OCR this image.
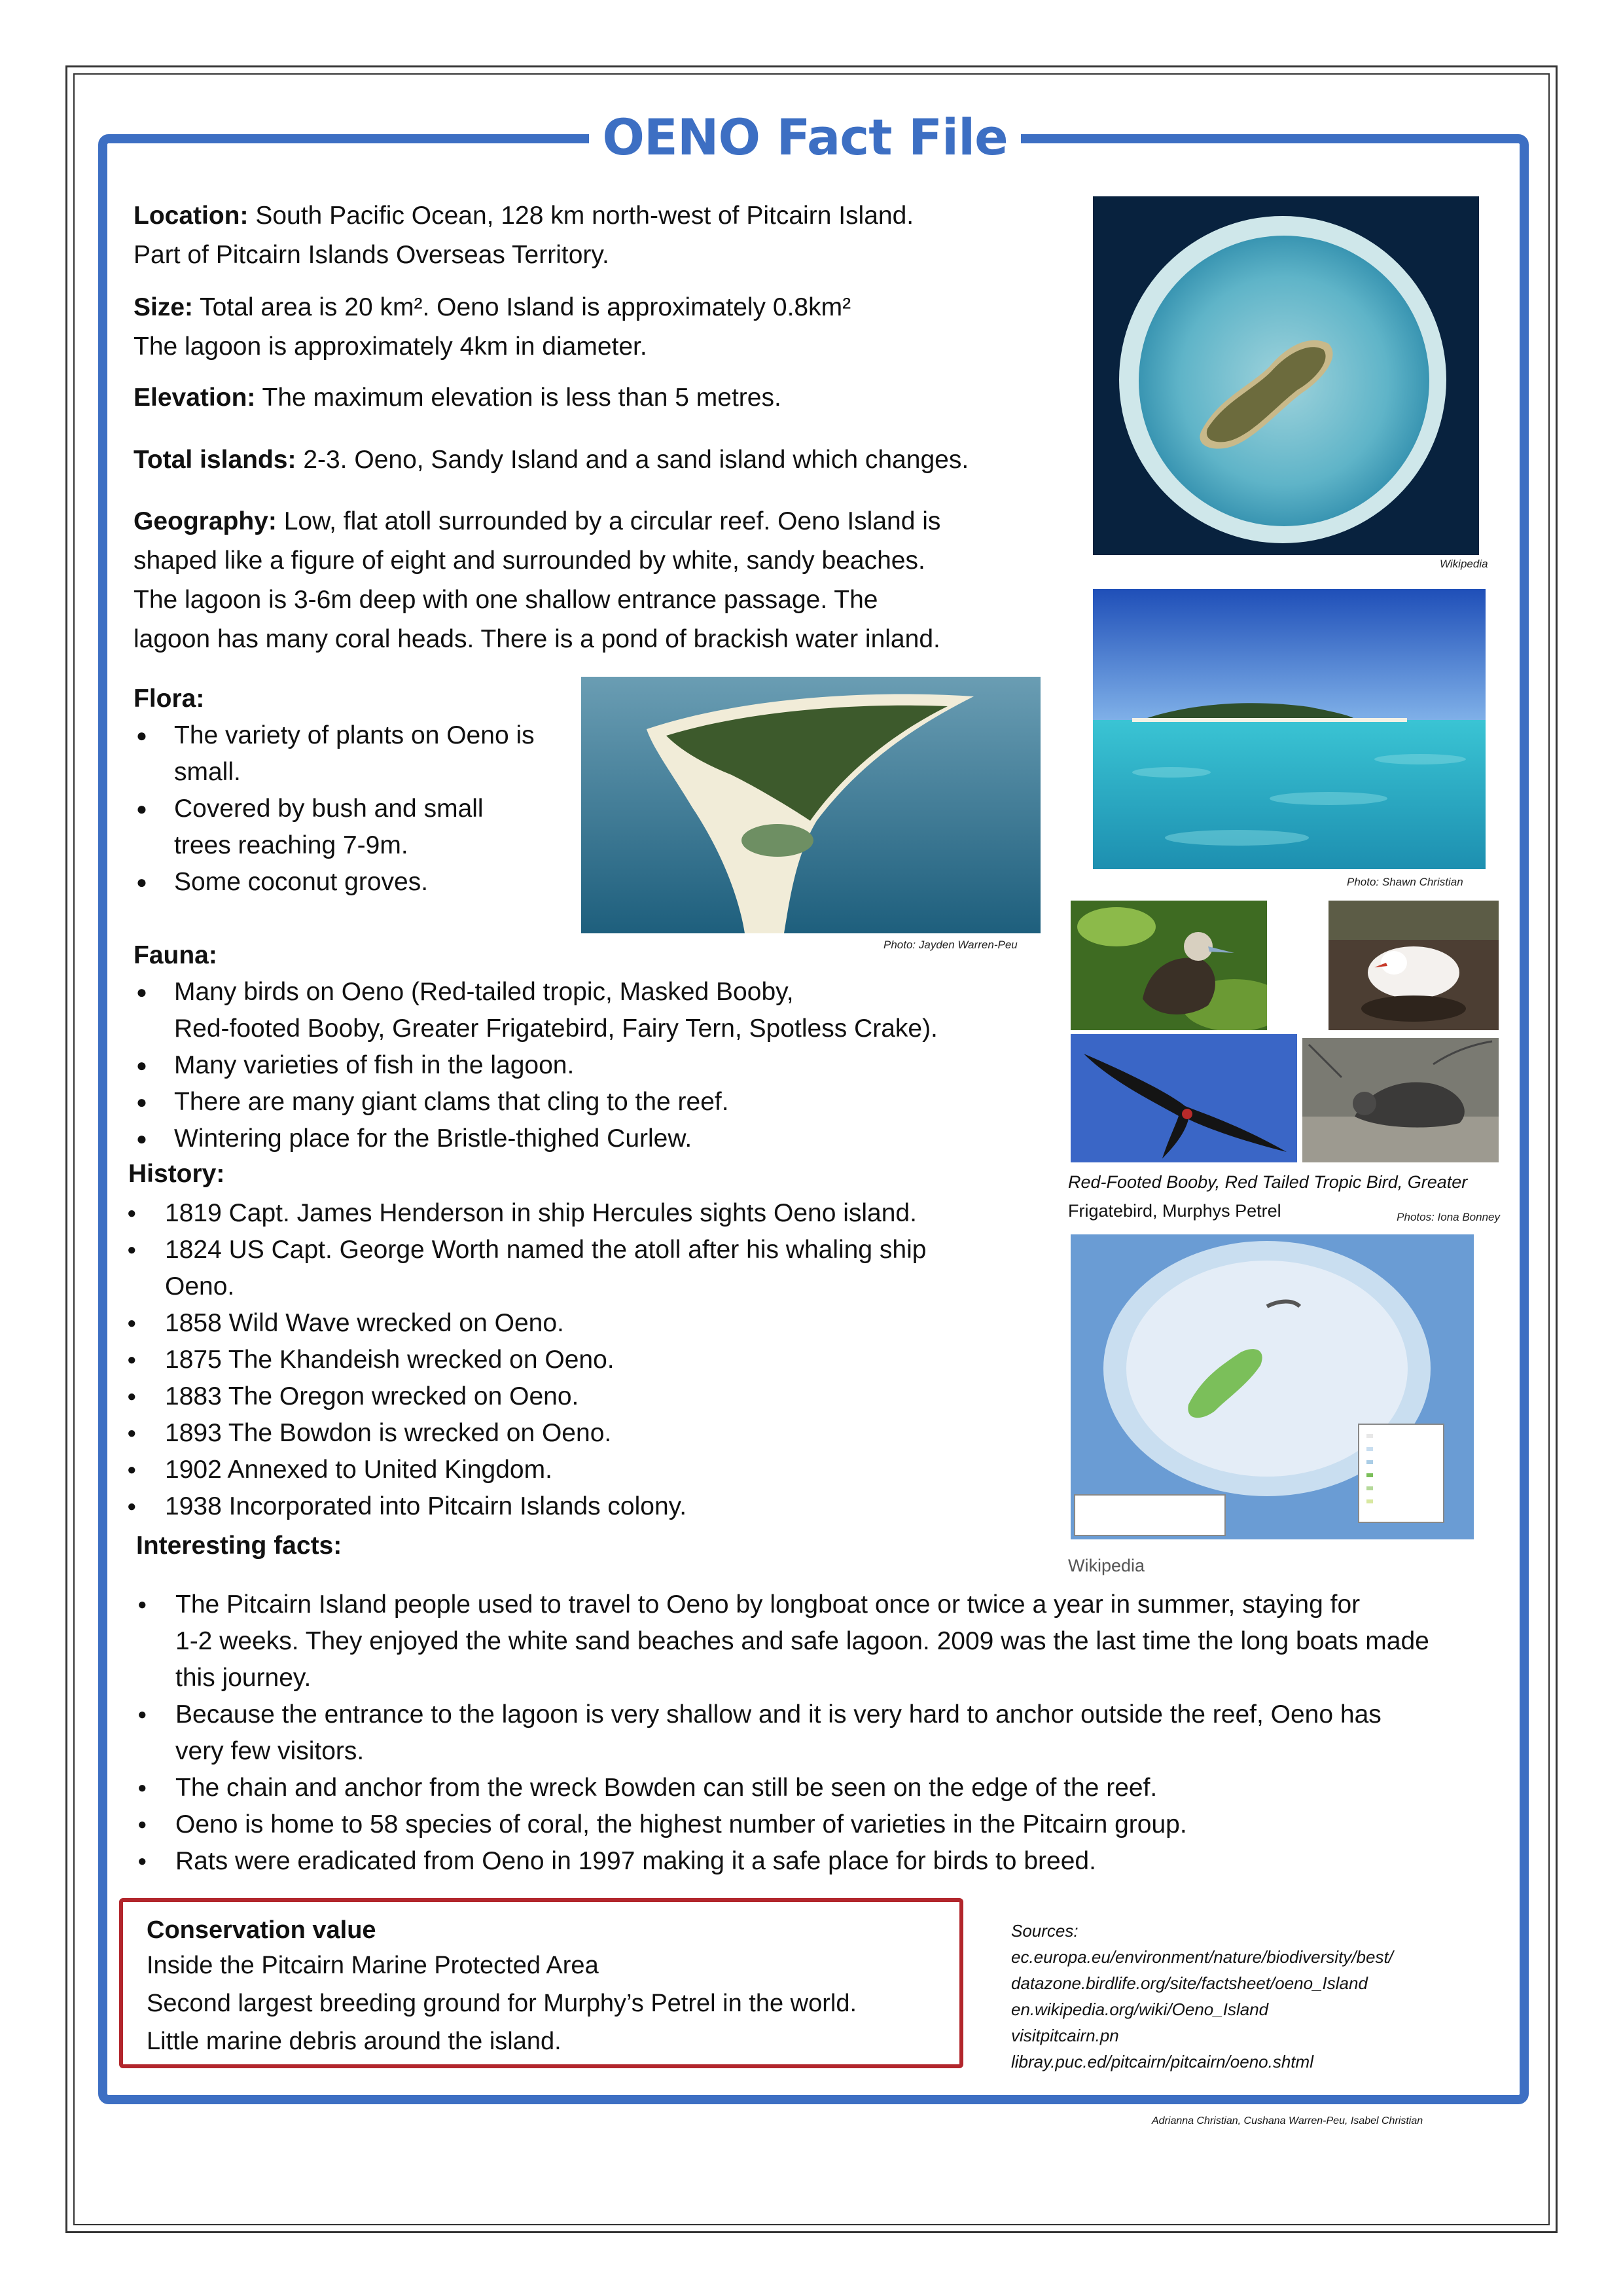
OENO Fact File
Location: South Pacific Ocean, 128 km north-west of Pitcairn Island.
Part of Pitcairn Islands Overseas Territory.
Size: Total area is 20 km². Oeno Island is approximately 0.8km²
The lagoon is approximately 4km in diameter.
Elevation: The maximum elevation is less than 5 metres.
Total islands: 2-3. Oeno, Sandy Island and a sand island which changes.
Geography: Low, flat atoll surrounded by a circular reef. Oeno Island is
shaped like a figure of eight and surrounded by white, sandy beaches.
The lagoon is 3-6m deep with one shallow entrance passage. The
lagoon has many coral heads. There is a pond of brackish water inland.
Flora:
● The variety of plants on Oeno is
small.
● Covered by bush and small
trees reaching 7-9m.
● Some coconut groves.
Fauna:
● Many birds on Oeno (Red-tailed tropic, Masked Booby,
Red-footed Booby, Greater Frigatebird, Fairy Tern, Spotless Crake).
● Many varieties of fish in the lagoon.
● There are many giant clams that cling to the reef.
● Wintering place for the Bristle-thighed Curlew.
History:
● 1819 Capt. James Henderson in ship Hercules sights Oeno island.
● 1824 US Capt. George Worth named the atoll after his whaling ship
Oeno.
● 1858 Wild Wave wrecked on Oeno.
● 1875 The Khandeish wrecked on Oeno.
● 1883 The Oregon wrecked on Oeno.
● 1893 The Bowdon is wrecked on Oeno.
● 1902 Annexed to United Kingdom.
● 1938 Incorporated into Pitcairn Islands colony.
Interesting facts:
● The Pitcairn Island people used to travel to Oeno by longboat once or twice a year in summer, staying for
1-2 weeks. They enjoyed the white sand beaches and safe lagoon. 2009 was the last time the long boats made
this journey.
● Because the entrance to the lagoon is very shallow and it is very hard to anchor outside the reef, Oeno has
very few visitors.
● The chain and anchor from the wreck Bowden can still be seen on the edge of the reef.
● Oeno is home to 58 species of coral, the highest number of varieties in the Pitcairn group.
● Rats were eradicated from Oeno in 1997 making it a safe place for birds to breed.
Wikipedia
Photo: Shawn Christian
Photo: Jayden Warren-Peu
Red-Footed Booby, Red Tailed Tropic Bird, Greater
Frigatebird, Murphys Petrel	Photos: Iona Bonney
Wikipedia
Conservation value
Inside the Pitcairn Marine Protected Area
Second largest breeding ground for Murphy’s Petrel in the world.
Little marine debris around the island.
Sources:
ec.europa.eu/environment/nature/biodiversity/best/
datazone.birdlife.org/site/factsheet/oeno_Island
en.wikipedia.org/wiki/Oeno_Island
visitpitcairn.pn
libray.puc.ed/pitcairn/pitcairn/oeno.shtml
Adrianna Christian, Cushana Warren-Peu, Isabel Christian
